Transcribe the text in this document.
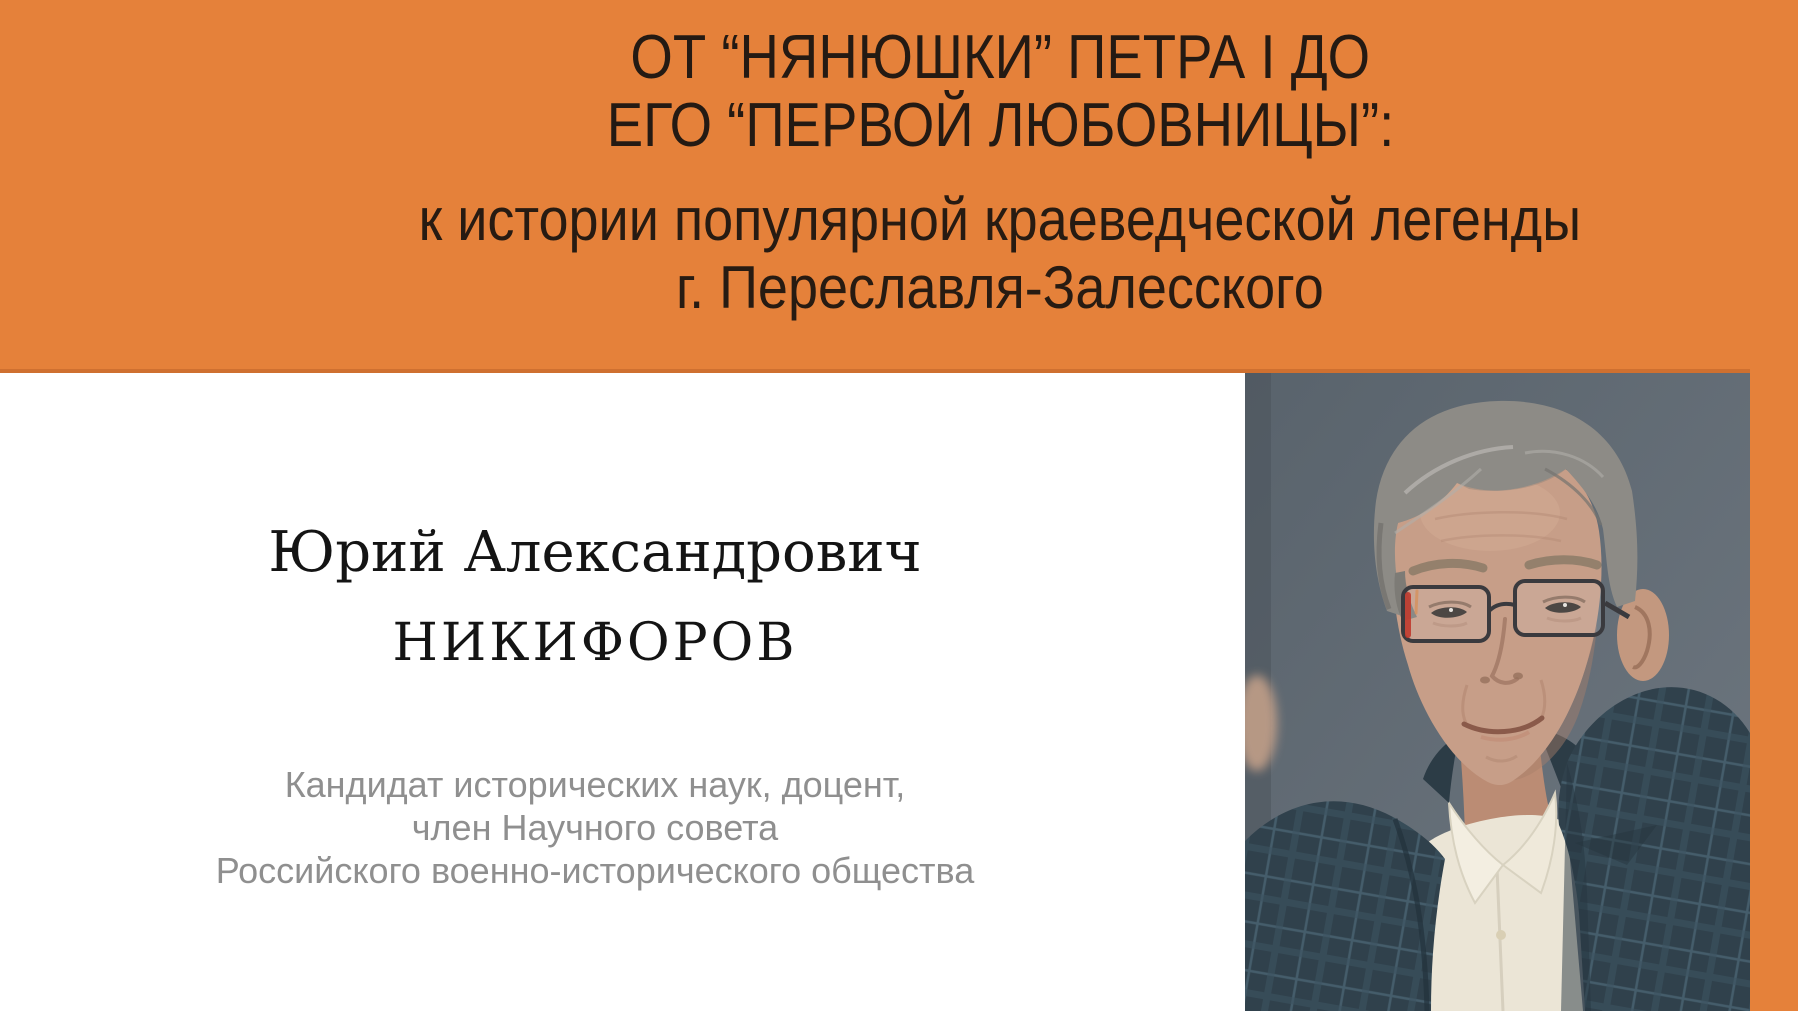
ОТ “НЯНЮШКИ” ПЕТРА I ДО
ЕГО “ПЕРВОЙ ЛЮБОВНИЦЫ”:
к истории популярной краеведческой легенды
г. Переславля-Залесского
Юрий Александрович
НИКИФОРОВ
Кандидат исторических наук, доцент,
член Научного совета
Российского военно-исторического общества
